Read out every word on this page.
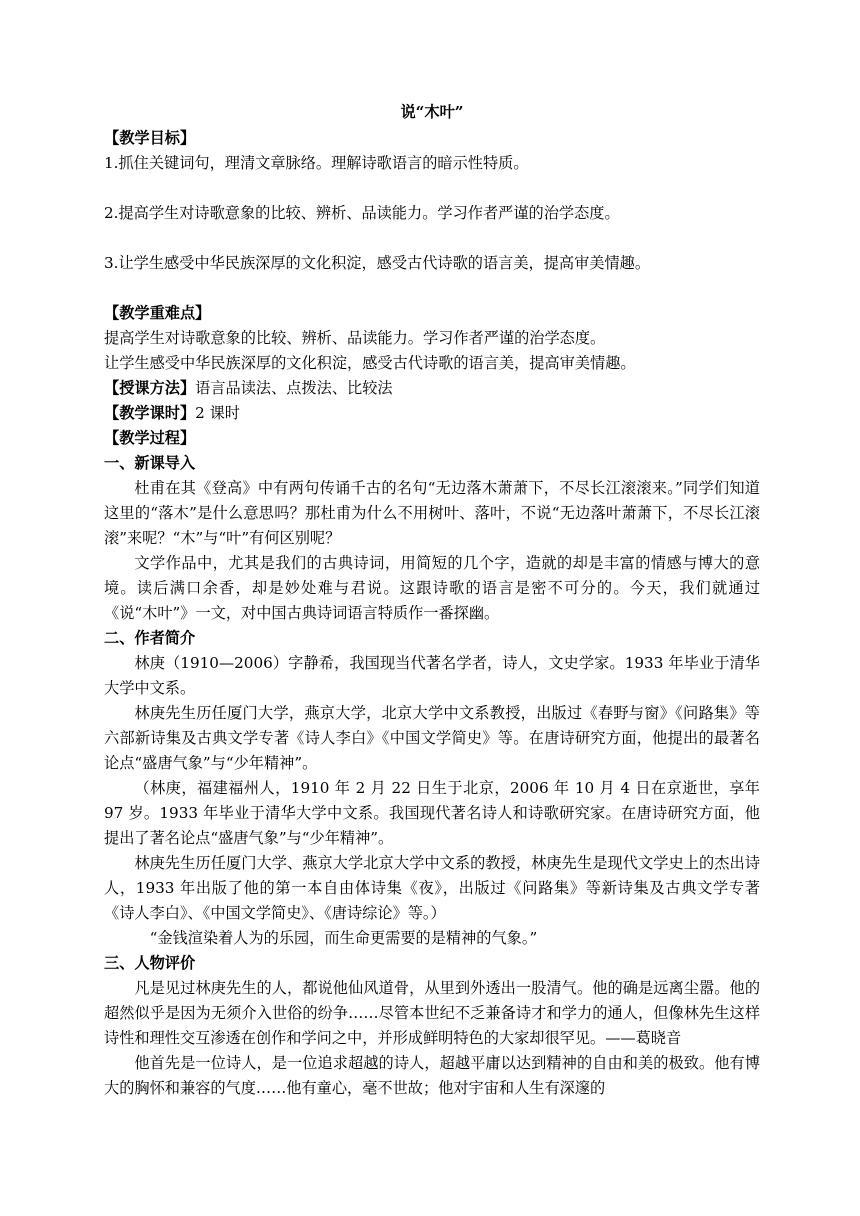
说“木叶”

【教学目标】

1.抓住关键词句，理清文章脉络。理解诗歌语言的暗示性特质。

2.提高学生对诗歌意象的比较、辨析、品读能力。学习作者严谨的治学态度。

3.让学生感受中华民族深厚的文化积淀，感受古代诗歌的语言美，提高审美情趣。

【教学重难点】

提高学生对诗歌意象的比较、辨析、品读能力。学习作者严谨的治学态度。

让学生感受中华民族深厚的文化积淀，感受古代诗歌的语言美，提高审美情趣。

【授课方法】语言品读法、点拨法、比较法

【教学课时】2 课时

【教学过程】

一、新课导入

杜甫在其《登高》中有两句传诵千古的名句“无边落木萧萧下，不尽长江滚滚来。”同学们知道这里的“落木”是什么意思吗？那杜甫为什么不用树叶、落叶，不说“无边落叶萧萧下，不尽长江滚滚”来呢？“木”与“叶”有何区别呢？

文学作品中，尤其是我们的古典诗词，用简短的几个字，造就的却是丰富的情感与博大的意境。读后满口余香，却是妙处难与君说。这跟诗歌的语言是密不可分的。今天，我们就通过《说“木叶”》一文，对中国古典诗词语言特质作一番探幽。

二、作者简介

林庚（1910—2006）字静希，我国现当代著名学者，诗人，文史学家。1933 年毕业于清华大学中文系。

林庚先生历任厦门大学，燕京大学，北京大学中文系教授，出版过《春野与窗》《问路集》等六部新诗集及古典文学专著《诗人李白》《中国文学简史》等。在唐诗研究方面，他提出的最著名论点“盛唐气象”与“少年精神”。

（林庚，福建福州人，1910 年 2 月 22 日生于北京，2006 年 10 月 4 日在京逝世，享年 97 岁。1933 年毕业于清华大学中文系。我国现代著名诗人和诗歌研究家。在唐诗研究方面，他提出了著名论点“盛唐气象”与“少年精神”。

林庚先生历任厦门大学、燕京大学北京大学中文系的教授，林庚先生是现代文学史上的杰出诗人，1933 年出版了他的第一本自由体诗集《夜》，出版过《问路集》等新诗集及古典文学专著《诗人李白》、《中国文学简史》、《唐诗综论》等。）

“金钱渲染着人为的乐园，而生命更需要的是精神的气象。”

三、人物评价

凡是见过林庚先生的人，都说他仙风道骨，从里到外透出一股清气。他的确是远离尘嚣。他的超然似乎是因为无须介入世俗的纷争……尽管本世纪不乏兼备诗才和学力的通人，但像林先生这样诗性和理性交互渗透在创作和学问之中，并形成鲜明特色的大家却很罕见。——葛晓音

他首先是一位诗人，是一位追求超越的诗人，超越平庸以达到精神的自由和美的极致。他有博大的胸怀和兼容的气度……他有童心，毫不世故；他对宇宙和人生有深邃的
